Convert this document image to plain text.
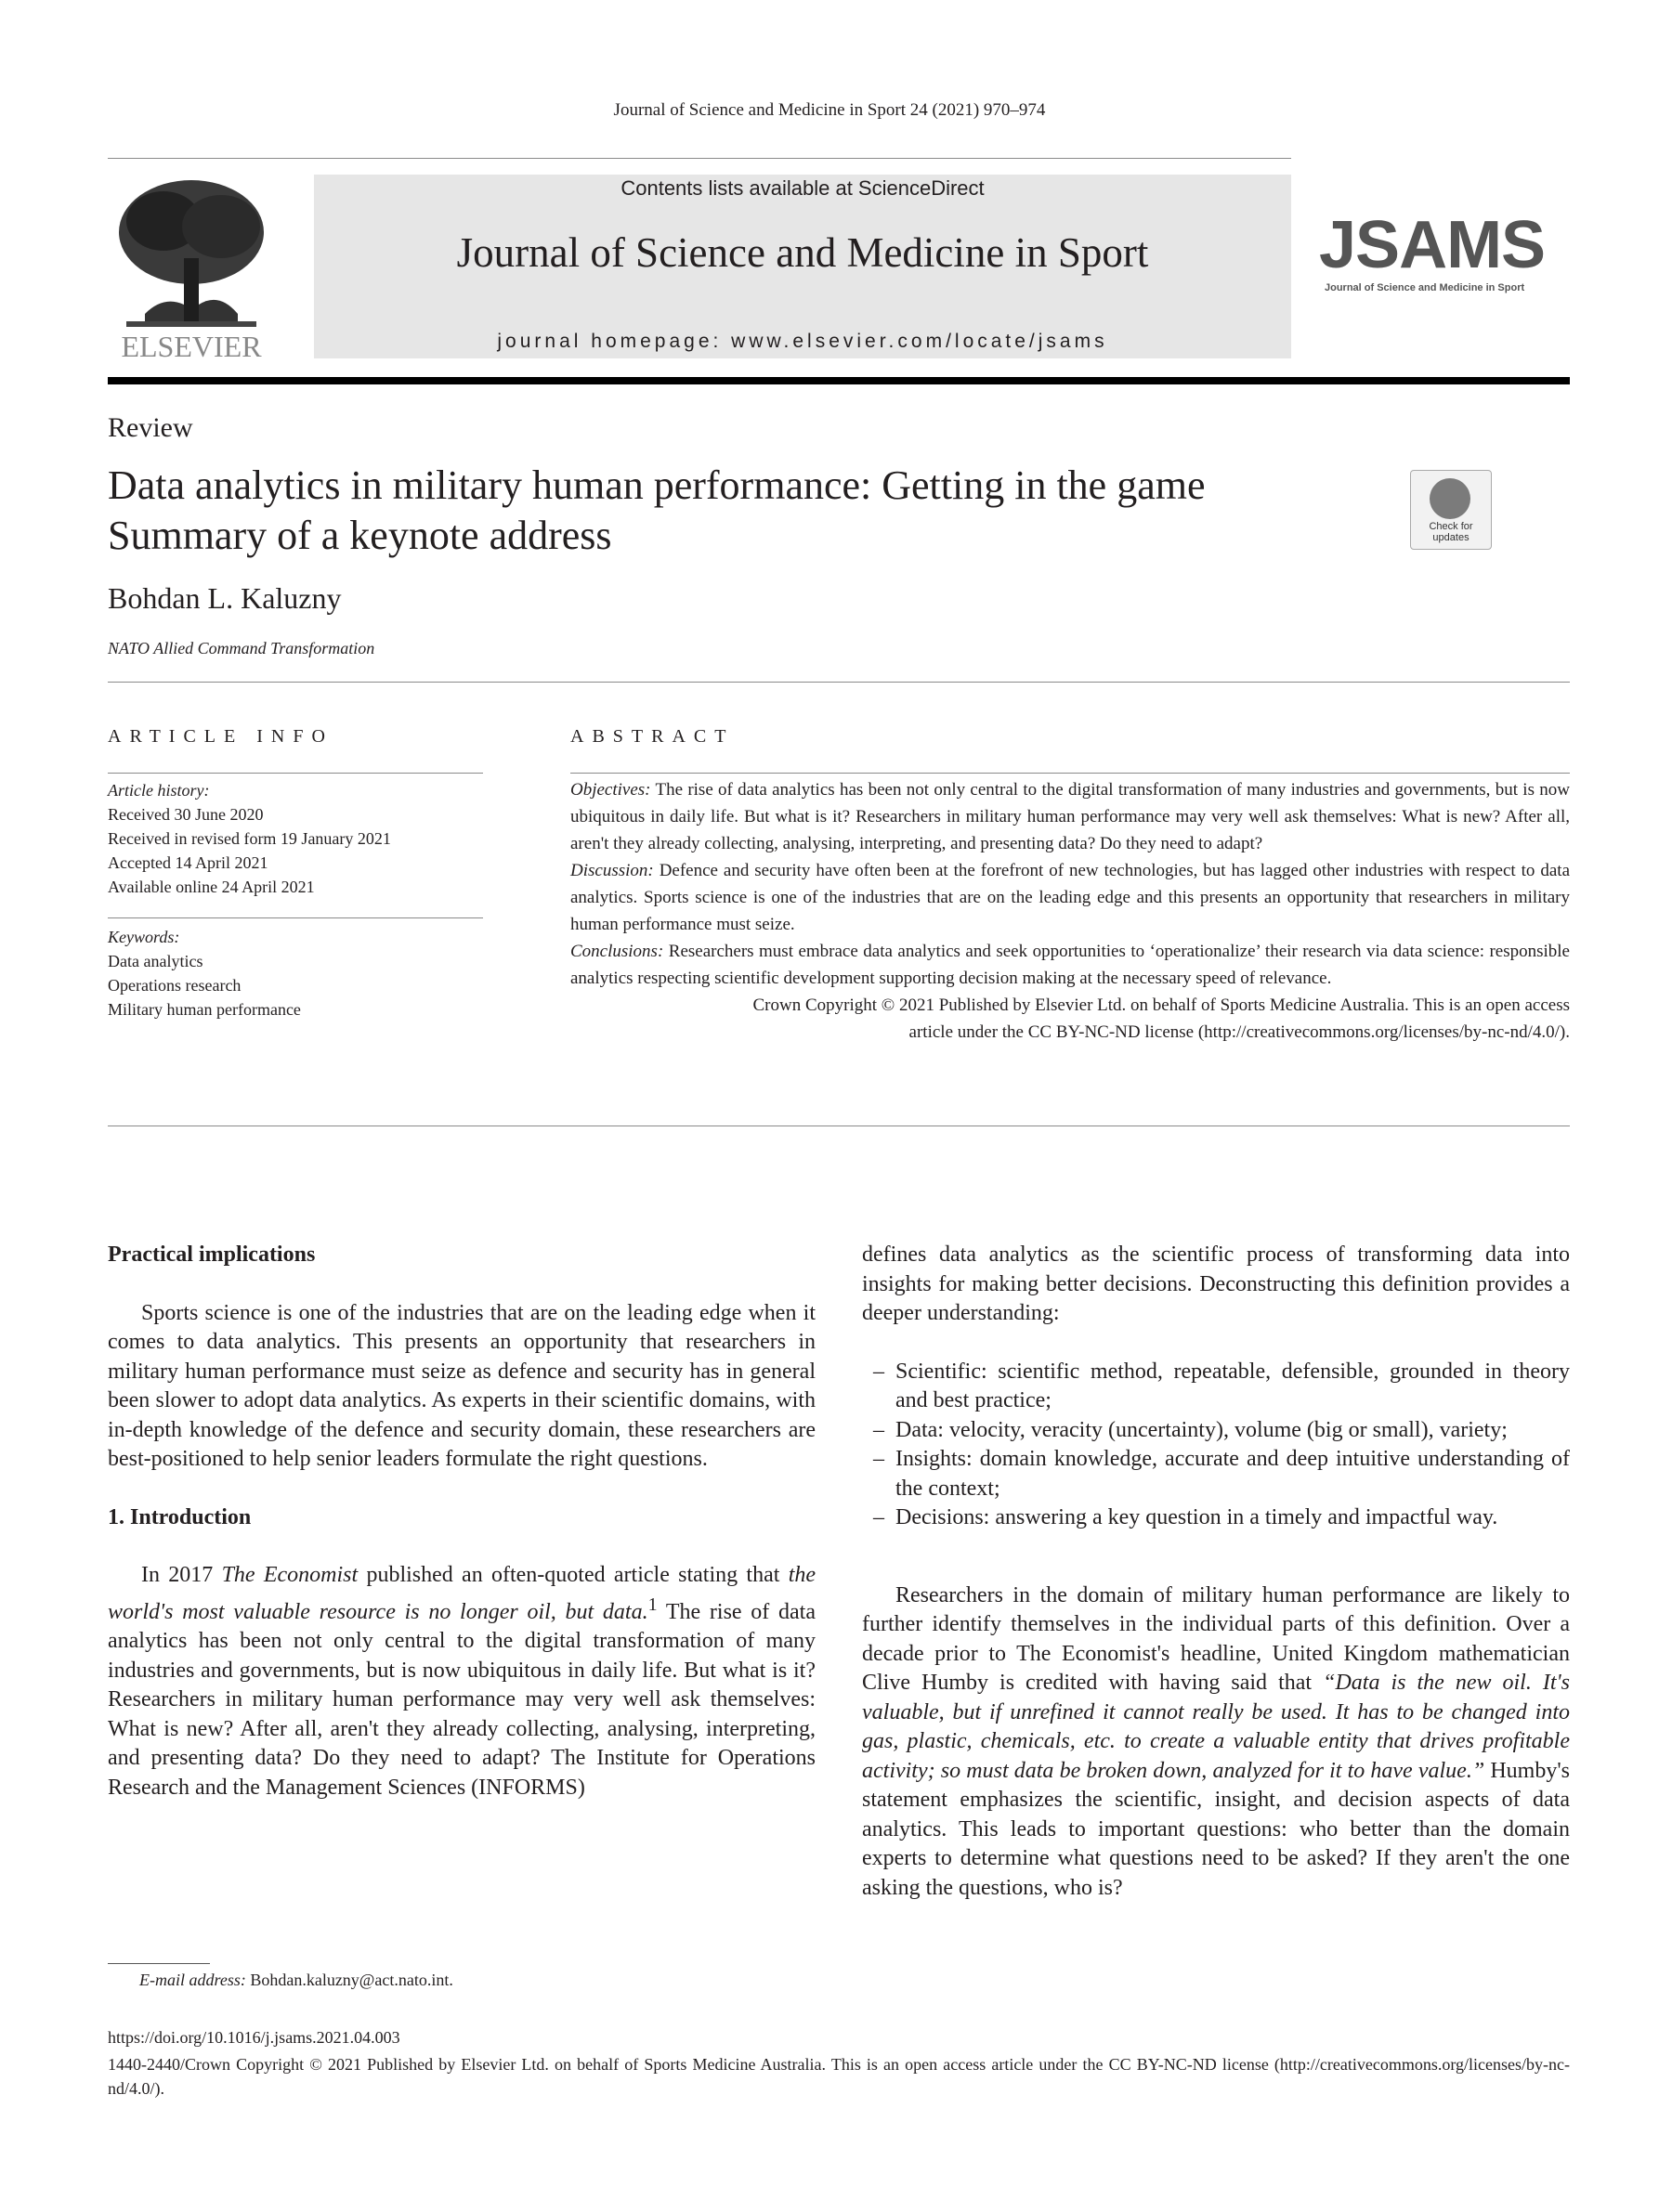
Journal of Science and Medicine in Sport 24 (2021) 970–974
ELSEVIER
Contents lists available at ScienceDirect
Journal of Science and Medicine in Sport
journal homepage: www.elsevier.com/locate/jsams
JSAMS
Journal of Science and Medicine in Sport
Review
Data analytics in military human performance: Getting in the game
Summary of a keynote address	Check for updates
Bohdan L. Kaluzny
NATO Allied Command Transformation
ARTICLE INFO	ABSTRACT
Article history:
Received 30 June 2020
Received in revised form 19 January 2021
Accepted 14 April 2021
Available online 24 April 2021
Keywords:
Data analytics
Operations research
Military human performance

Objectives: The rise of data analytics has been not only central to the digital transformation of many industries and governments, but is now ubiquitous in daily life. But what is it? Researchers in military human performance may very well ask themselves: What is new? After all, aren't they already collecting, analysing, interpreting, and presenting data? Do they need to adapt?

Discussion: Defence and security have often been at the forefront of new technologies, but has lagged other industries with respect to data analytics. Sports science is one of the industries that are on the leading edge and this presents an opportunity that researchers in military human performance must seize.

Conclusions: Researchers must embrace data analytics and seek opportunities to ‘operationalize’ their research via data science: responsible analytics respecting scientific development supporting decision making at the necessary speed of relevance.

Crown Copyright © 2021 Published by Elsevier Ltd. on behalf of Sports Medicine Australia. This is an open access
article under the CC BY-NC-ND license (http://creativecommons.org/licenses/by-nc-nd/4.0/).
Practical implications

Sports science is one of the industries that are on the leading edge when it comes to data analytics. This presents an opportunity that researchers in military human performance must seize as defence and security has in general been slower to adopt data analytics. As experts in their scientific domains, with in-depth knowledge of the defence and security domain, these researchers are best-positioned to help senior leaders formulate the right questions.

1. Introduction

In 2017 The Economist published an often-quoted article stating that the world's most valuable resource is no longer oil, but data.$^1$ The rise of data analytics has been not only central to the digital transformation of many industries and governments, but is now ubiquitous in daily life. But what is it? Researchers in military human performance may very well ask themselves: What is new? After all, aren't they already collecting, analysing, interpreting, and presenting data? Do they need to adapt? The Institute for Operations Research and the Management Sciences (INFORMS)

defines data analytics as the scientific process of transforming data into insights for making better decisions. Deconstructing this definition provides a deeper understanding:

– Scientific: scientific method, repeatable, defensible, grounded in theory and best practice;
– Data: velocity, veracity (uncertainty), volume (big or small), variety;
– Insights: domain knowledge, accurate and deep intuitive understanding of the context;
– Decisions: answering a key question in a timely and impactful way.

Researchers in the domain of military human performance are likely to further identify themselves in the individual parts of this definition. Over a decade prior to The Economist's headline, United Kingdom mathematician Clive Humby is credited with having said that “Data is the new oil. It's valuable, but if unrefined it cannot really be used. It has to be changed into gas, plastic, chemicals, etc. to create a valuable entity that drives profitable activity; so must data be broken down, analyzed for it to have value.” Humby's statement emphasizes the scientific, insight, and decision aspects of data analytics. This leads to important questions: who better than the domain experts to determine what questions need to be asked? If they aren't the one asking the questions, who is?

E-mail address: Bohdan.kaluzny@act.nato.int.
https://doi.org/10.1016/j.jsams.2021.04.003
1440-2440/Crown Copyright © 2021 Published by Elsevier Ltd. on behalf of Sports Medicine Australia. This is an open access article under the CC BY-NC-ND license (http://creativecommons.org/licenses/by-nc-nd/4.0/).
